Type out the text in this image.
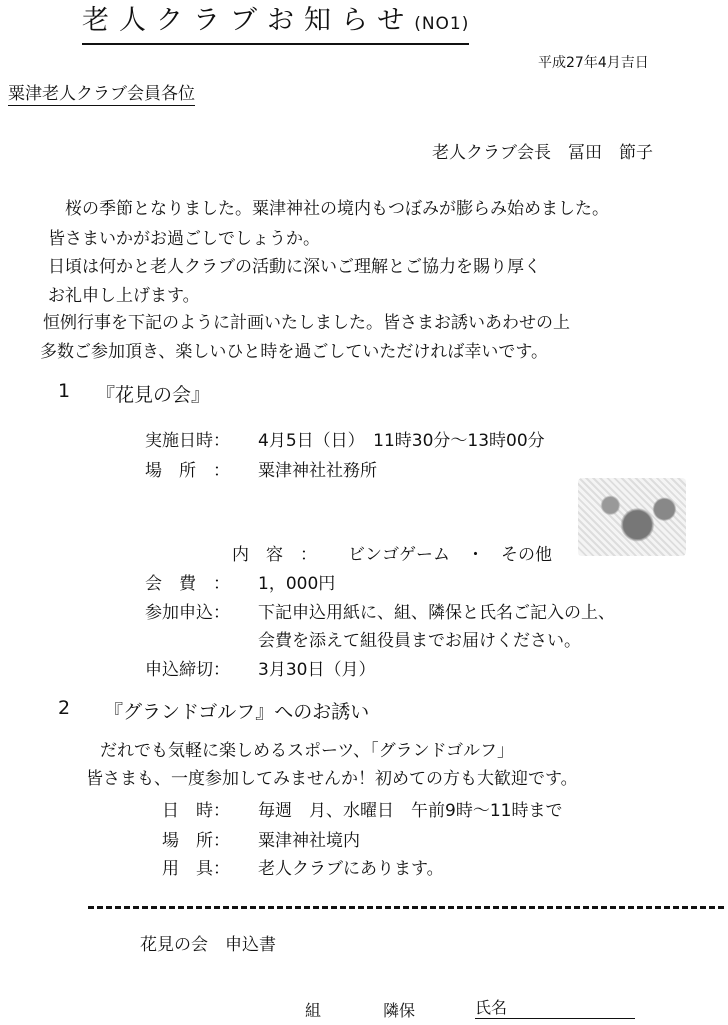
老人クラブお知らせ(NO1)
平成27年4月吉日
粟津老人クラブ会員各位
老人クラブ会長　冨田　節子
　桜の季節となりました。粟津神社の境内もつぼみが膨らみ始めました。
皆さまいかがお過ごしでしょうか。
日頃は何かと老人クラブの活動に深いご理解とご協力を賜り厚く
お礼申し上げます。
　恒例行事を下記のように計画いたしました。皆さまお誘いあわせの上
多数ご参加頂き、楽しいひと時を過ごしていただければ幸いです。
1 『花見の会』
実施日時： 4月5日（日）　11時30分～13時00分
場　所　： 粟津神社社務所
内　容　： ビンゴゲーム　・　その他
会　費　： 1，000円
参加申込： 下記申込用紙に、組、隣保と氏名ご記入の上、
会費を添えて組役員までお届けください。
申込締切： 3月30日（月）
2 『グランドゴルフ』へのお誘い
だれでも気軽に楽しめるスポーツ、「グランドゴルフ」
皆さまも、一度参加してみませんか！初めての方も大歓迎です。
日　時： 毎週　月、水曜日　午前9時～11時まで
場　所： 粟津神社境内
用　具： 老人クラブにあります。
花見の会　申込書
組	隣保	氏名
